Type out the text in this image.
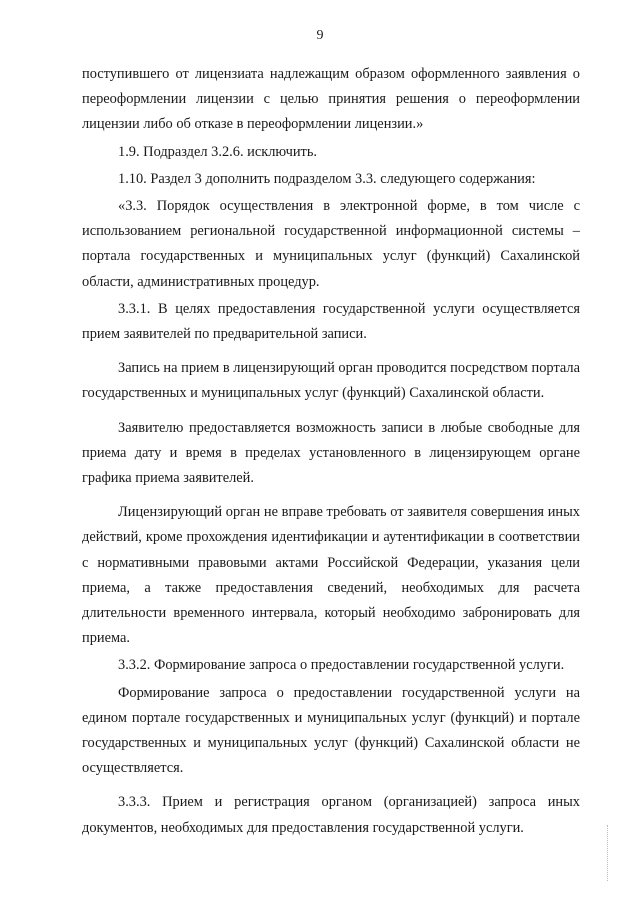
9

поступившего от лицензиата надлежащим образом оформленного заявления о переоформлении лицензии с целью принятия решения о переоформлении лицензии либо об отказе в переоформлении лицензии.»

1.9. Подраздел 3.2.6. исключить.

1.10. Раздел 3 дополнить подразделом 3.3. следующего содержания:

«3.3. Порядок осуществления в электронной форме, в том числе с использованием региональной государственной информационной системы – портала государственных и муниципальных услуг (функций) Сахалинской области, административных процедур.

3.3.1. В целях предоставления государственной услуги осуществляется прием заявителей по предварительной записи.

Запись на прием в лицензирующий орган проводится посредством портала государственных и муниципальных услуг (функций) Сахалинской области.

Заявителю предоставляется возможность записи в любые свободные для приема дату и время в пределах установленного в лицензирующем органе графика приема заявителей.

Лицензирующий орган не вправе требовать от заявителя совершения иных действий, кроме прохождения идентификации и аутентификации в соответствии с нормативными правовыми актами Российской Федерации, указания цели приема, а также предоставления сведений, необходимых для расчета длительности временного интервала, который необходимо забронировать для приема.

3.3.2. Формирование запроса о предоставлении государственной услуги.

Формирование запроса о предоставлении государственной услуги на едином портале государственных и муниципальных услуг (функций) и портале государственных и муниципальных услуг (функций) Сахалинской области не осуществляется.

3.3.3. Прием и регистрация органом (организацией) запроса иных документов, необходимых для предоставления государственной услуги.
